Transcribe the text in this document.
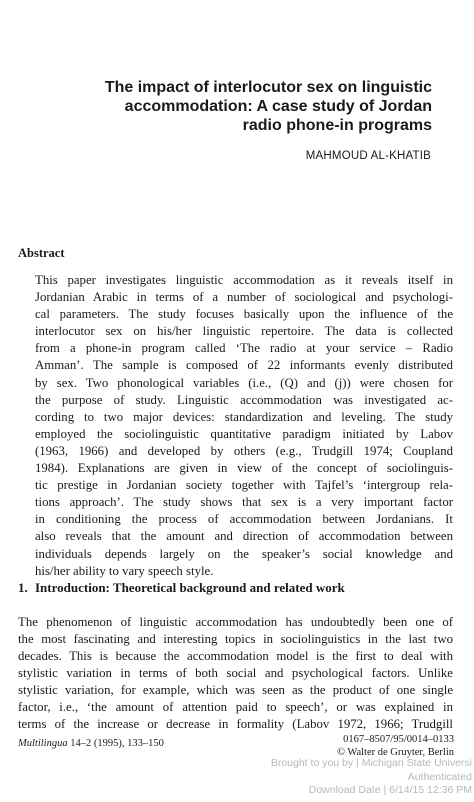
The impact of interlocutor sex on linguistic
accommodation: A case study of Jordan
radio phone-in programs

MAHMOUD AL-KHATIB

Abstract
This paper investigates linguistic accommodation as it reveals itself in
Jordanian Arabic in terms of a number of sociological and psychologi-
cal parameters. The study focuses basically upon the influence of the
interlocutor sex on his/her linguistic repertoire. The data is collected
from a phone-in program called ‘The radio at your service – Radio
Amman’. The sample is composed of 22 informants evenly distributed
by sex. Two phonological variables (i.e., (Q) and (j)) were chosen for
the purpose of study. Linguistic accommodation was investigated ac-
cording to two major devices: standardization and leveling. The study
employed the sociolinguistic quantitative paradigm initiated by Labov
(1963, 1966) and developed by others (e.g., Trudgill 1974; Coupland
1984). Explanations are given in view of the concept of sociolinguis-
tic prestige in Jordanian society together with Tajfel’s ‘intergroup rela-
tions approach’. The study shows that sex is a very important factor
in conditioning the process of accommodation between Jordanians. It
also reveals that the amount and direction of accommodation between
individuals depends largely on the speaker’s social knowledge and
his/her ability to vary speech style.
1. Introduction: Theoretical background and related work
The phenomenon of linguistic accommodation has undoubtedly been one of
the most fascinating and interesting topics in sociolinguistics in the last two
decades. This is because the accommodation model is the first to deal with
stylistic variation in terms of both social and psychological factors. Unlike
stylistic variation, for example, which was seen as the product of one single
factor, i.e., ‘the amount of attention paid to speech’, or was explained in
terms of the increase or decrease in formality (Labov 1972, 1966; Trudgill

Multilingua 14–2 (1995), 133–150	0167–8507/95/0014–0133
© Walter de Gruyter, Berlin

Brought to you by | Michigan State Universi
Authenticated
Download Date | 6/14/15 12:36 PM
